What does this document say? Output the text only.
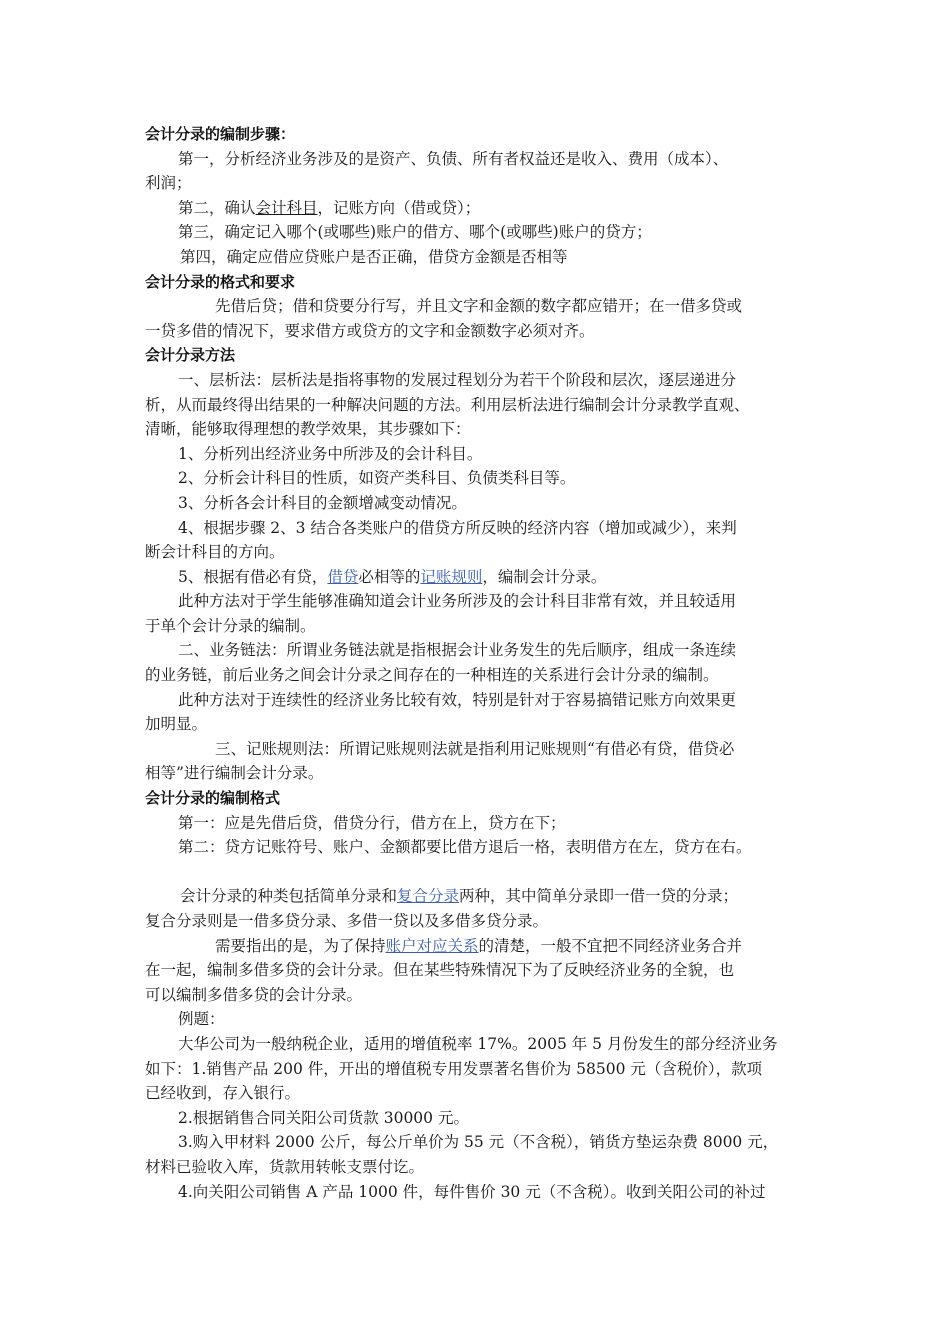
会计分录的编制步骤：
第一，分析经济业务涉及的是资产、负债、所有者权益还是收入、费用（成本）、
利润；
第二，确认会计科目，记账方向（借或贷）；
第三，确定记入哪个(或哪些)账户的借方、哪个(或哪些)账户的贷方；
第四，确定应借应贷账户是否正确，借贷方金额是否相等
会计分录的格式和要求
先借后贷；借和贷要分行写，并且文字和金额的数字都应错开；在一借多贷或
一贷多借的情况下，要求借方或贷方的文字和金额数字必须对齐。
会计分录方法
一、层析法：层析法是指将事物的发展过程划分为若干个阶段和层次，逐层递进分
析，从而最终得出结果的一种解决问题的方法。利用层析法进行编制会计分录教学直观、
清晰，能够取得理想的教学效果，其步骤如下：
1、分析列出经济业务中所涉及的会计科目。
2、分析会计科目的性质，如资产类科目、负债类科目等。
3、分析各会计科目的金额增减变动情况。
4、根据步骤 2、3 结合各类账户的借贷方所反映的经济内容（增加或减少），来判
断会计科目的方向。
5、根据有借必有贷，借贷必相等的记账规则，编制会计分录。
此种方法对于学生能够准确知道会计业务所涉及的会计科目非常有效，并且较适用
于单个会计分录的编制。
二、业务链法：所谓业务链法就是指根据会计业务发生的先后顺序，组成一条连续
的业务链，前后业务之间会计分录之间存在的一种相连的关系进行会计分录的编制。
此种方法对于连续性的经济业务比较有效，特别是针对于容易搞错记账方向效果更
加明显。
三、记账规则法：所谓记账规则法就是指利用记账规则“有借必有贷，借贷必
相等”进行编制会计分录。
会计分录的编制格式
第一：应是先借后贷，借贷分行，借方在上，贷方在下；
第二：贷方记账符号、账户、金额都要比借方退后一格，表明借方在左，贷方在右。
会计分录的种类包括简单分录和复合分录两种，其中简单分录即一借一贷的分录；
复合分录则是一借多贷分录、多借一贷以及多借多贷分录。
需要指出的是，为了保持账户对应关系的清楚，一般不宜把不同经济业务合并
在一起，编制多借多贷的会计分录。但在某些特殊情况下为了反映经济业务的全貌，也
可以编制多借多贷的会计分录。
例题：
大华公司为一般纳税企业，适用的增值税率 17%。2005 年 5 月份发生的部分经济业务
如下：1.销售产品 200 件，开出的增值税专用发票著名售价为 58500 元（含税价），款项
已经收到，存入银行。
2.根据销售合同关阳公司货款 30000 元。
3.购入甲材料 2000 公斤，每公斤单价为 55 元（不含税），销货方垫运杂费 8000 元，
材料已验收入库，货款用转帐支票付讫。
4.向关阳公司销售 A 产品 1000 件，每件售价 30 元（不含税）。收到关阳公司的补过
